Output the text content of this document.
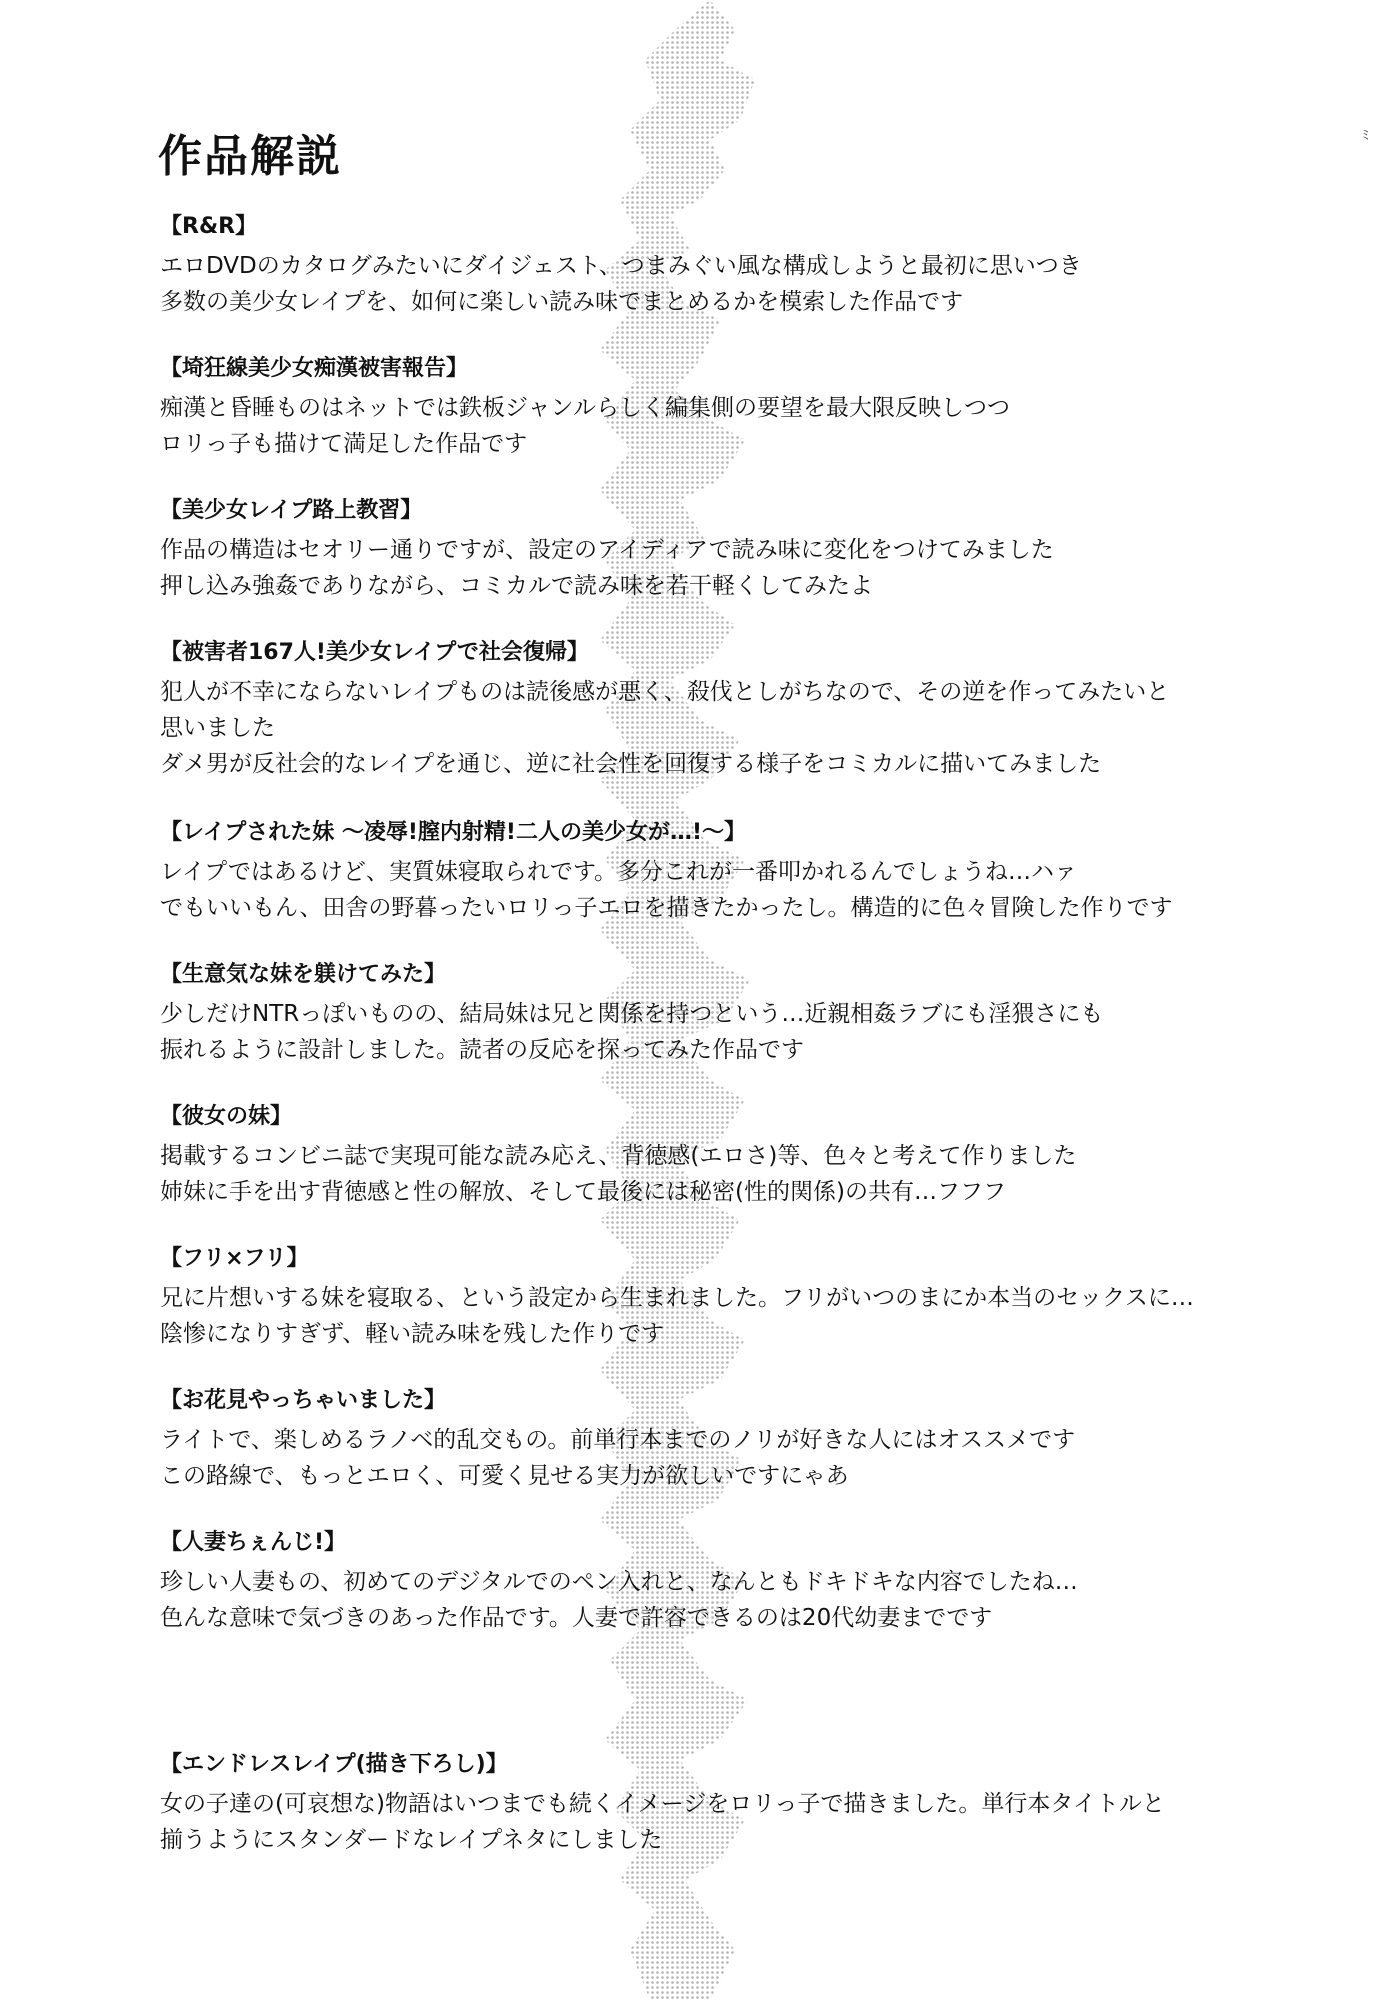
作品解説	ﾐ

【R&R】

エロDVDのカタログみたいにダイジェスト、つまみぐい風な構成しようと最初に思いつき

多数の美少女レイプを、如何に楽しい読み味でまとめるかを模索した作品です

【埼狂線美少女痴漢被害報告】

痴漢と昏睡ものはネットでは鉄板ジャンルらしく編集側の要望を最大限反映しつつ

ロリっ子も描けて満足した作品です

【美少女レイプ路上教習】

作品の構造はセオリー通りですが、設定のアイディアで読み味に変化をつけてみました

押し込み強姦でありながら、コミカルで読み味を若干軽くしてみたよ

【被害者167人!美少女レイプで社会復帰】

犯人が不幸にならないレイプものは読後感が悪く、殺伐としがちなので、その逆を作ってみたいと

思いました

ダメ男が反社会的なレイプを通じ、逆に社会性を回復する様子をコミカルに描いてみました

【レイプされた妹 〜凌辱!膣内射精!二人の美少女が…!〜】

レイプではあるけど、実質妹寝取られです。多分これが一番叩かれるんでしょうね…ハァ

でもいいもん、田舎の野暮ったいロリっ子エロを描きたかったし。構造的に色々冒険した作りです

【生意気な妹を躾けてみた】

少しだけNTRっぽいものの、結局妹は兄と関係を持つという…近親相姦ラブにも淫猥さにも

振れるように設計しました。読者の反応を探ってみた作品です

【彼女の妹】

掲載するコンビニ誌で実現可能な読み応え、背徳感(エロさ)等、色々と考えて作りました

姉妹に手を出す背徳感と性の解放、そして最後には秘密(性的関係)の共有…フフフ

【フリ×フリ】

兄に片想いする妹を寝取る、という設定から生まれました。フリがいつのまにか本当のセックスに…

陰惨になりすぎず、軽い読み味を残した作りです

【お花見やっちゃいました】

ライトで、楽しめるラノベ的乱交もの。前単行本までのノリが好きな人にはオススメです

この路線で、もっとエロく、可愛く見せる実力が欲しいですにゃあ

【人妻ちぇんじ!】

珍しい人妻もの、初めてのデジタルでのペン入れと、なんともドキドキな内容でしたね…

色んな意味で気づきのあった作品です。人妻で許容できるのは20代幼妻までです

【エンドレスレイプ(描き下ろし)】

女の子達の(可哀想な)物語はいつまでも続くイメージをロリっ子で描きました。単行本タイトルと

揃うようにスタンダードなレイプネタにしました
